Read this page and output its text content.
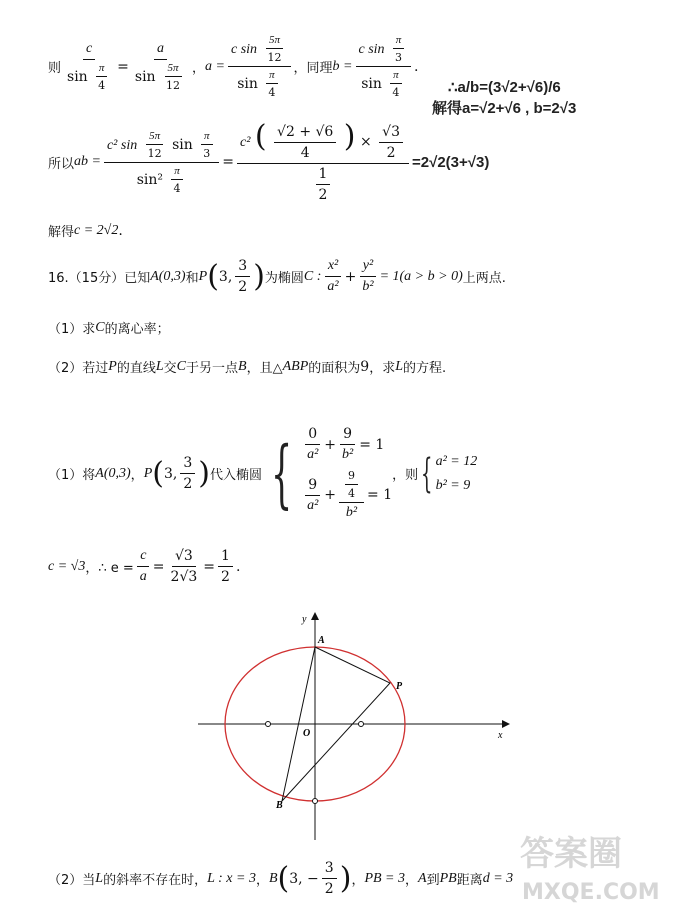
则 $\frac{c}{\sin \frac{\pi}{4}} = \frac{a}{\sin \frac{5\pi}{12}}$ ， $a = \frac{c \sin \frac{5\pi}{12}}{\sin \frac{\pi}{4}}$ ， 同理 $b = \frac{c \sin \frac{\pi}{3}}{\sin \frac{\pi}{4}}$ .
∴a/b=(3√2+√6)/6
解得a=√2+√6 , b=2√3
所以 ab = $\frac{c^2 \sin \frac{5\pi}{12} \sin \frac{\pi}{3}}{\sin^2 \frac{\pi}{4}} = \frac{c^2 ( \frac{√2 + √6}{4} ) \times \frac{√3}{2}}{\frac{1}{2}} =2√2(3+√3)$
解得 c = 2√2 .
16.（15分）已知 A(0,3) 和 P ( 3, $\frac{3}{2}$ ) 为椭圆 C : $\frac{\text{x²}}{\text{a²}} + \frac{\text{y²}}{\text{b²}} = 1(a > b > 0)$ 上两点.
（1）求 C 的离心率；
（2）若过 P 的直线 L 交 C 于另一点 B ，且△ ABP 的面积为 9 ，求 L 的方程.
（1）将 A(0,3) ， P ( 3, $\frac{3}{2}$ ) 代入椭圆 { $\frac{0}{\text{a²}} + \frac{9}{\text{b²}} = 1$
$\frac{9}{\text{a²}} + \frac{\frac{9}{4}}{\text{b²}} = 1$
，则 { a² = 12
b² = 9
c = √3 ，∴ $e = \frac{c}{a} = \frac{√3}{2√3} = \frac{1}{2}$ .
x
y
A
P
O
B
（2）当 L 的斜率不存在时， L : x = 3 ， B ( 3, − $\frac{3}{2}$ ) ， PB = 3 ， A 到 PB 距离 d = 3
答案圈
MXQE.COM
